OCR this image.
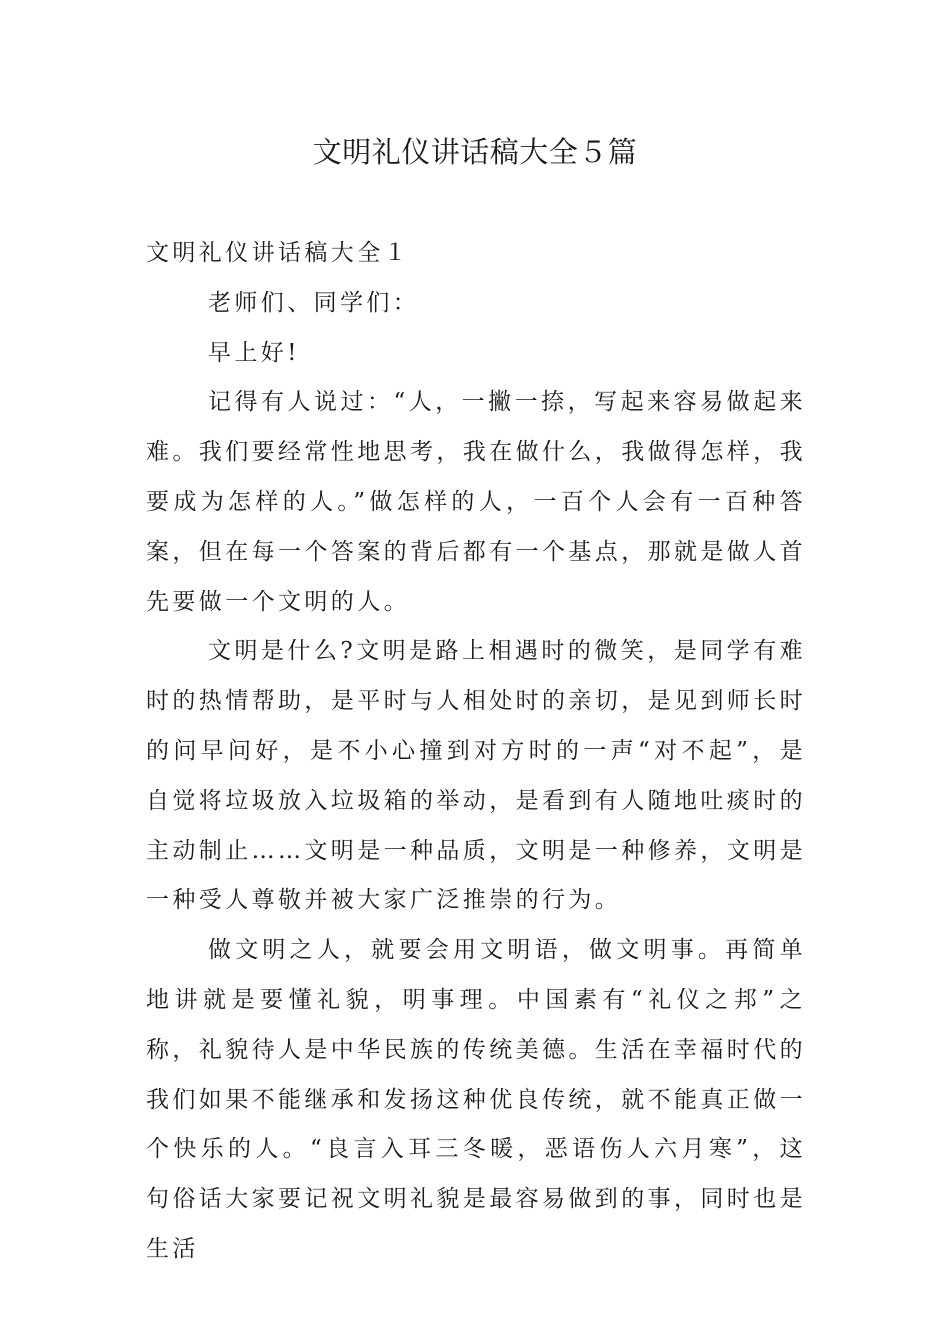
文明礼仪讲话稿大全５篇

文明礼仪讲话稿大全１

老师们、同学们：

早上好!

记得有人说过：“人，一撇一捺，写起来容易做起来难。我们要经常性地思考，我在做什么，我做得怎样，我要成为怎样的人。”做怎样的人，一百个人会有一百种答案，但在每一个答案的背后都有一个基点，那就是做人首先要做一个文明的人。

文明是什么?文明是路上相遇时的微笑，是同学有难时的热情帮助，是平时与人相处时的亲切，是见到师长时的问早问好，是不小心撞到对方时的一声“对不起”，是自觉将垃圾放入垃圾箱的举动，是看到有人随地吐痰时的主动制止……文明是一种品质，文明是一种修养，文明是一种受人尊敬并被大家广泛推崇的行为。

做文明之人，就要会用文明语，做文明事。再简单地讲就是要懂礼貌，明事理。中国素有“礼仪之邦”之称，礼貌待人是中华民族的传统美德。生活在幸福时代的我们如果不能继承和发扬这种优良传统，就不能真正做一个快乐的人。“良言入耳三冬暖，恶语伤人六月寒”，这句俗话大家要记祝文明礼貌是最容易做到的事，同时也是生活
